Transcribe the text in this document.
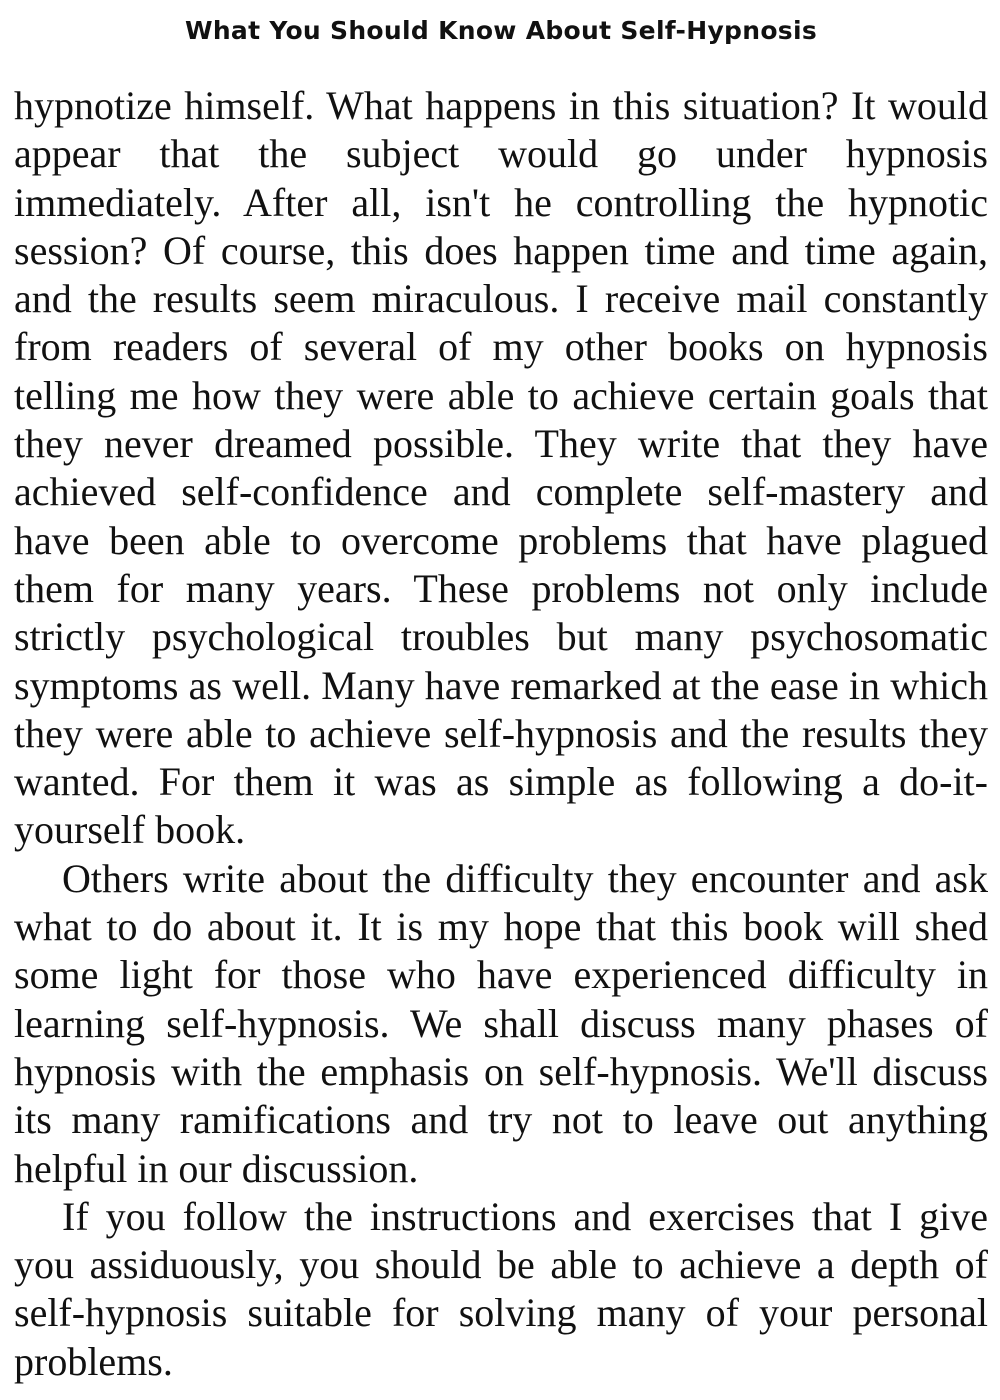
What You Should Know About Self-Hypnosis

hypnotize himself. What happens in this situation? It would appear that the subject would go under hypnosis immediately. After all, isn't he controlling the hypnotic session? Of course, this does happen time and time again, and the results seem miraculous. I receive mail constantly from readers of several of my other books on hypnosis telling me how they were able to achieve certain goals that they never dreamed possible. They write that they have achieved self-confidence and complete self-mastery and have been able to overcome problems that have plagued them for many years. These problems not only include strictly psychological troubles but many psychosomatic symptoms as well. Many have remarked at the ease in which they were able to achieve self-hypnosis and the results they wanted. For them it was as simple as following a do-it-yourself book.

Others write about the difficulty they encounter and ask what to do about it. It is my hope that this book will shed some light for those who have experienced difficulty in learning self-hypnosis. We shall discuss many phases of hypnosis with the emphasis on self-hypnosis. We'll discuss its many ramifications and try not to leave out anything helpful in our discussion.

If you follow the instructions and exercises that I give you assiduously, you should be able to achieve a depth of self-hypnosis suitable for solving many of your personal problems.
